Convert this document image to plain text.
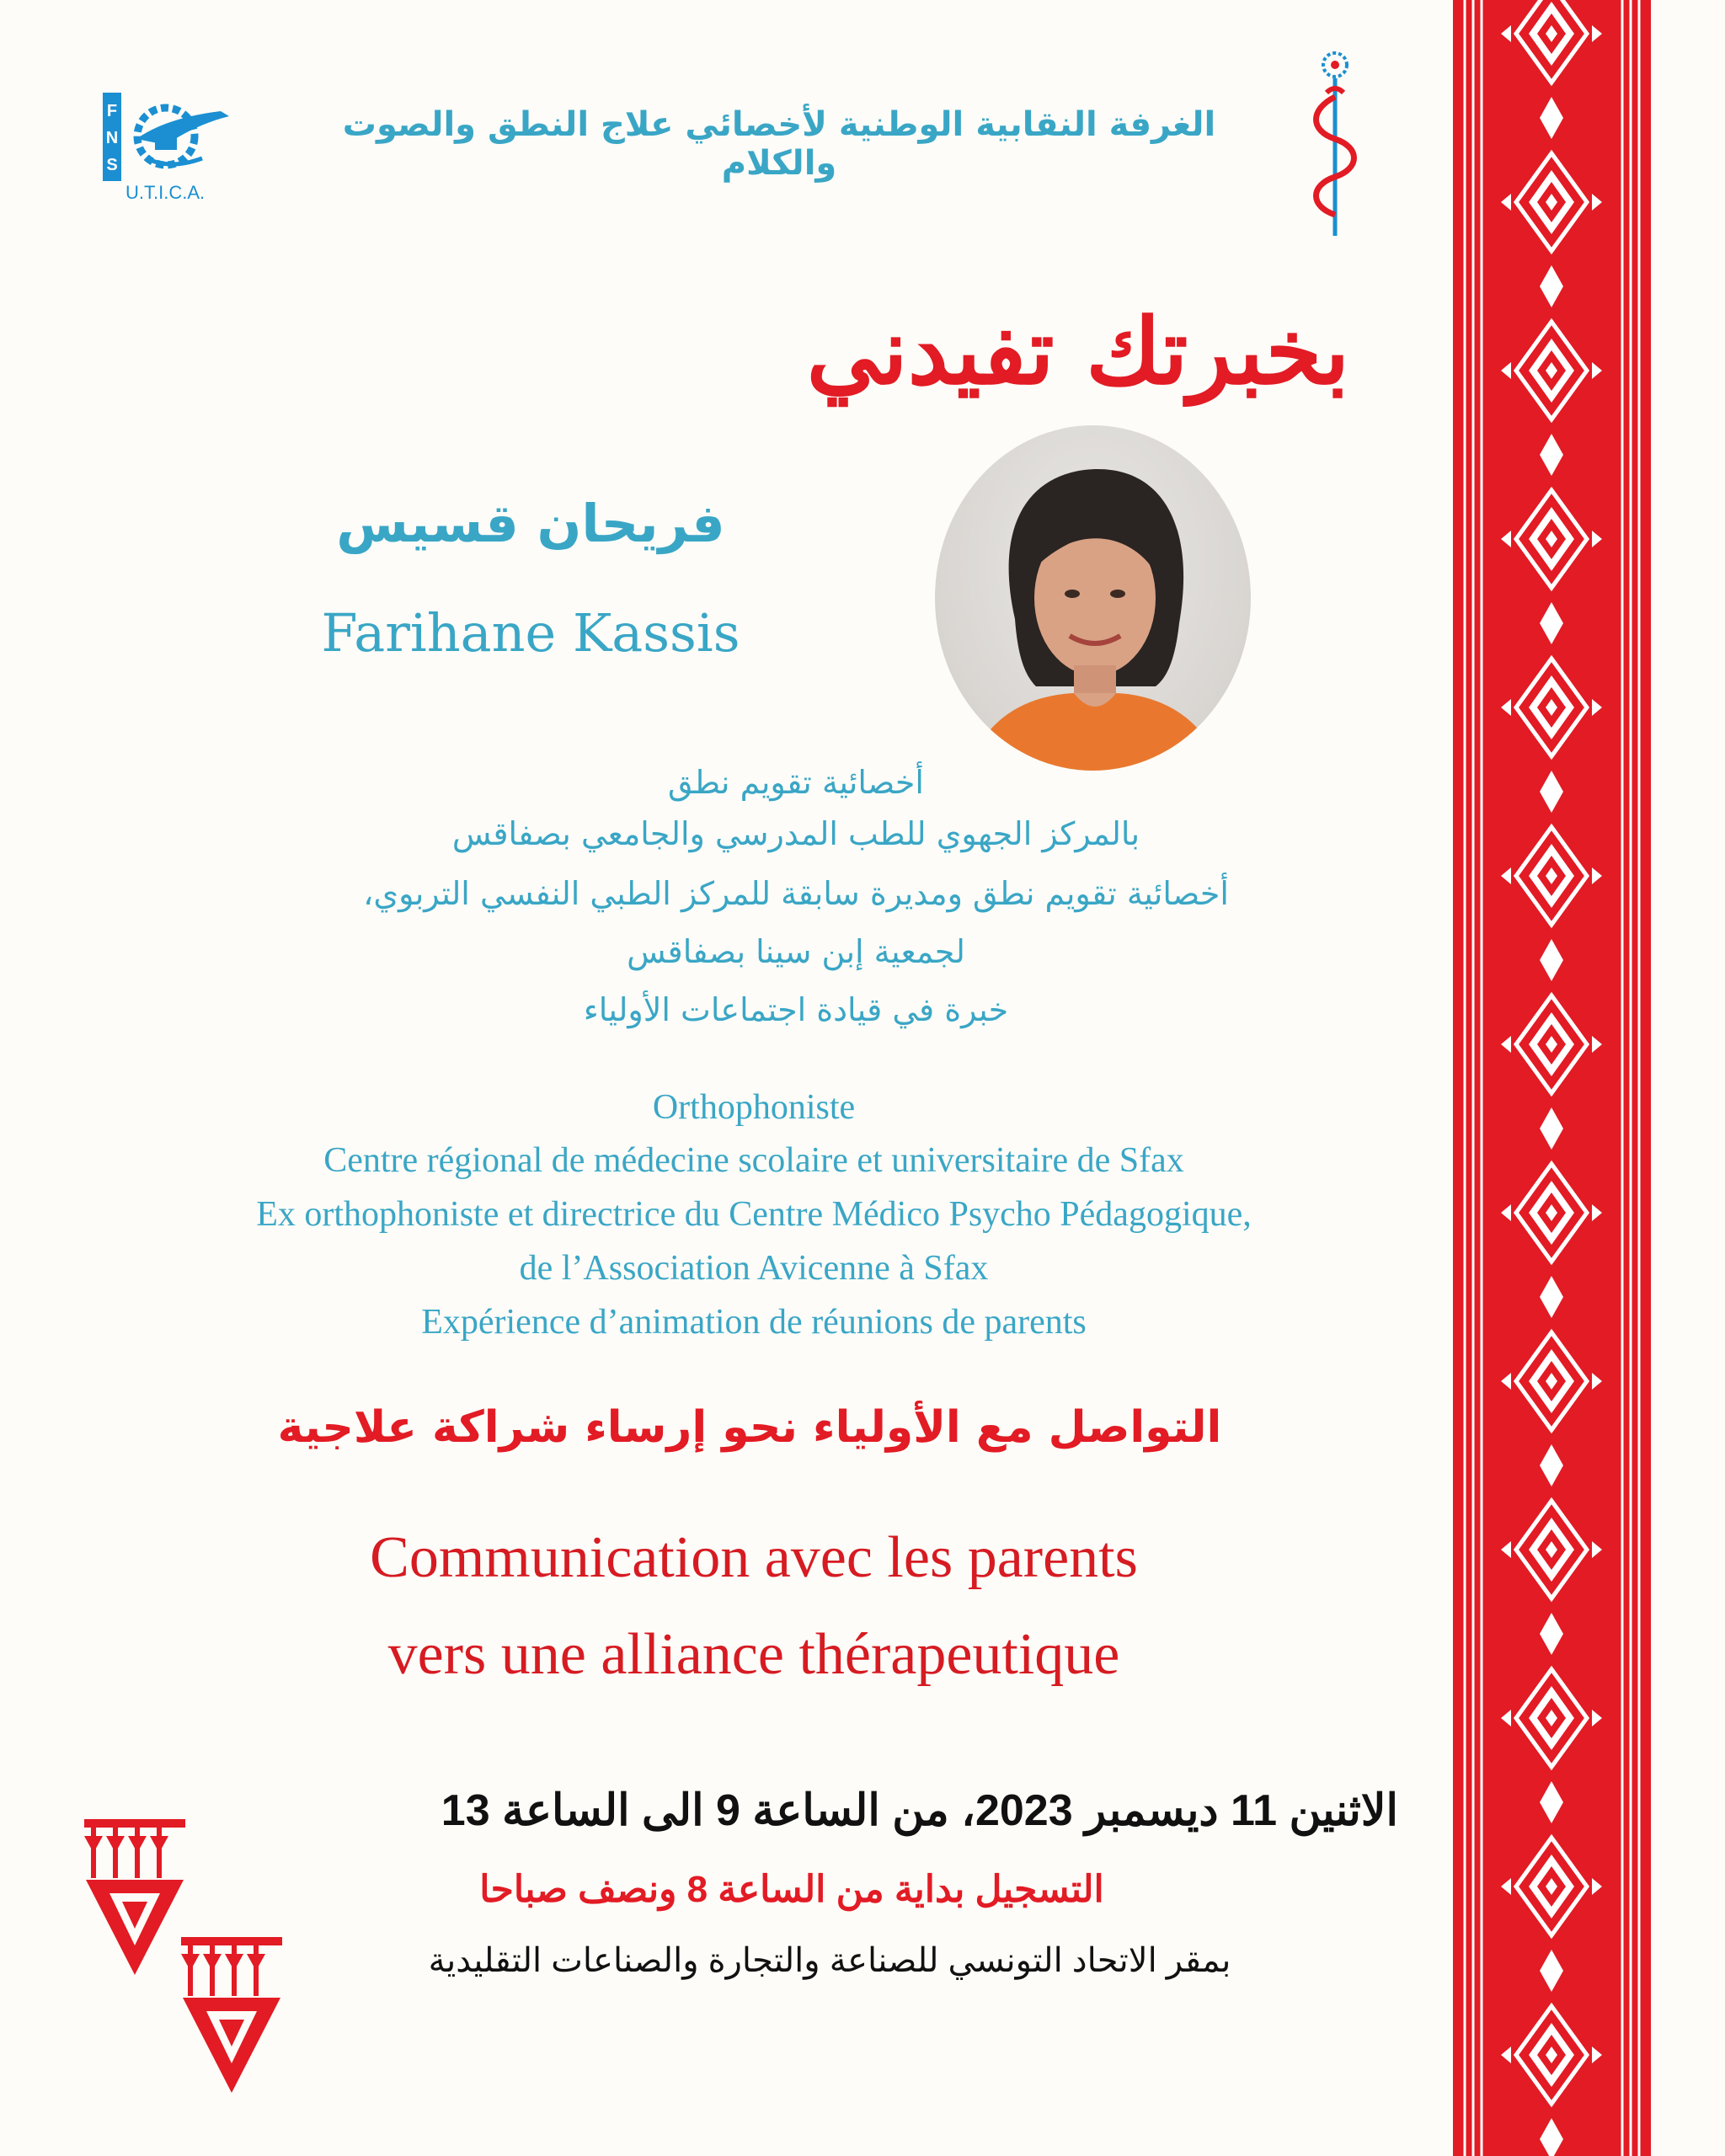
F
N
S
U.T.I.C.A.
الغرفة النقابية الوطنية لأخصائي علاج النطق والصوت والكلام
بخبرتك تفيدني
فريحان قسيس
Farihane Kassis
أخصائية تقويم نطق
بالمركز الجهوي للطب المدرسي والجامعي بصفاقس
أخصائية تقويم نطق ومديرة سابقة للمركز الطبي النفسي التربوي،
لجمعية إبن سينا بصفاقس
خبرة في قيادة اجتماعات الأولياء
Orthophoniste
Centre régional de médecine scolaire et universitaire de Sfax
Ex orthophoniste et directrice du Centre Médico Psycho Pédagogique,
de l’Association Avicenne à Sfax
Expérience d’animation de réunions de parents
التواصل مع الأولياء نحو إرساء شراكة علاجية
Communication avec les parents
vers une alliance thérapeutique
الاثنين 11 ديسمبر 2023، من الساعة 9 الى الساعة 13
التسجيل بداية من الساعة 8 ونصف صباحا
بمقر الاتحاد التونسي للصناعة والتجارة والصناعات التقليدية
